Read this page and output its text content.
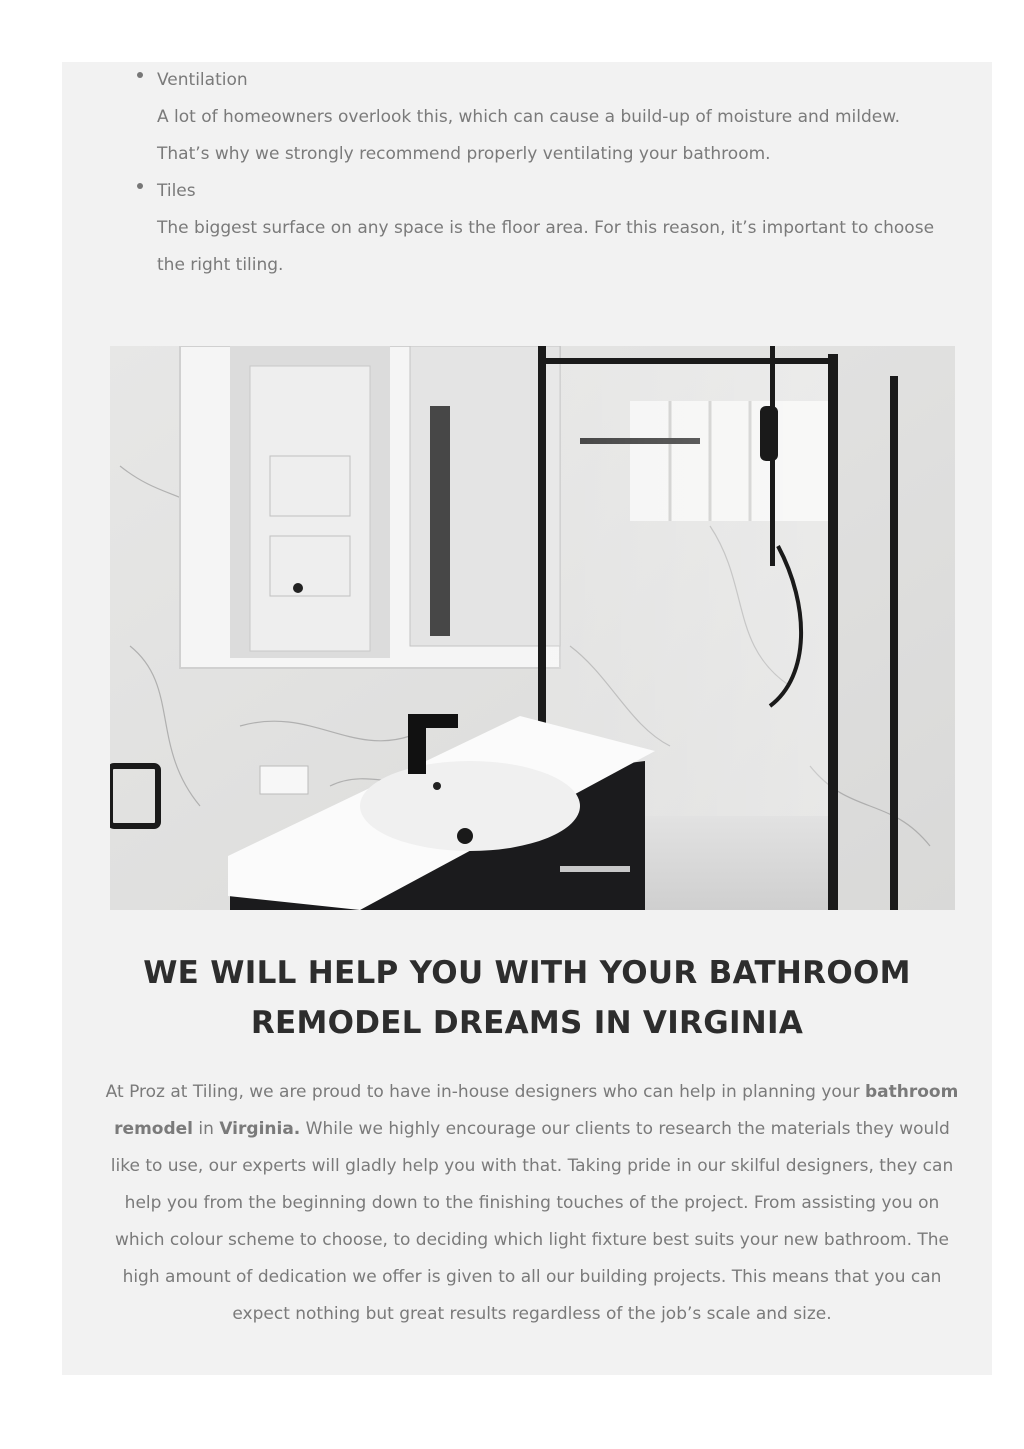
Ventilation
A lot of homeowners overlook this, which can cause a build-up of moisture and mildew. That’s why we strongly recommend properly ventilating your bathroom.
Tiles
The biggest surface on any space is the floor area. For this reason, it’s important to choose the right tiling.
WE WILL HELP YOU WITH YOUR BATHROOM
REMODEL DREAMS IN VIRGINIA

At Proz at Tiling, we are proud to have in-house designers who can help in planning your bathroom remodel in Virginia. While we highly encourage our clients to research the materials they would like to use, our experts will gladly help you with that. Taking pride in our skilful designers, they can help you from the beginning down to the finishing touches of the project. From assisting you on which colour scheme to choose, to deciding which light fixture best suits your new bathroom. The high amount of dedication we offer is given to all our building projects. This means that you can expect nothing but great results regardless of the job’s scale and size.
